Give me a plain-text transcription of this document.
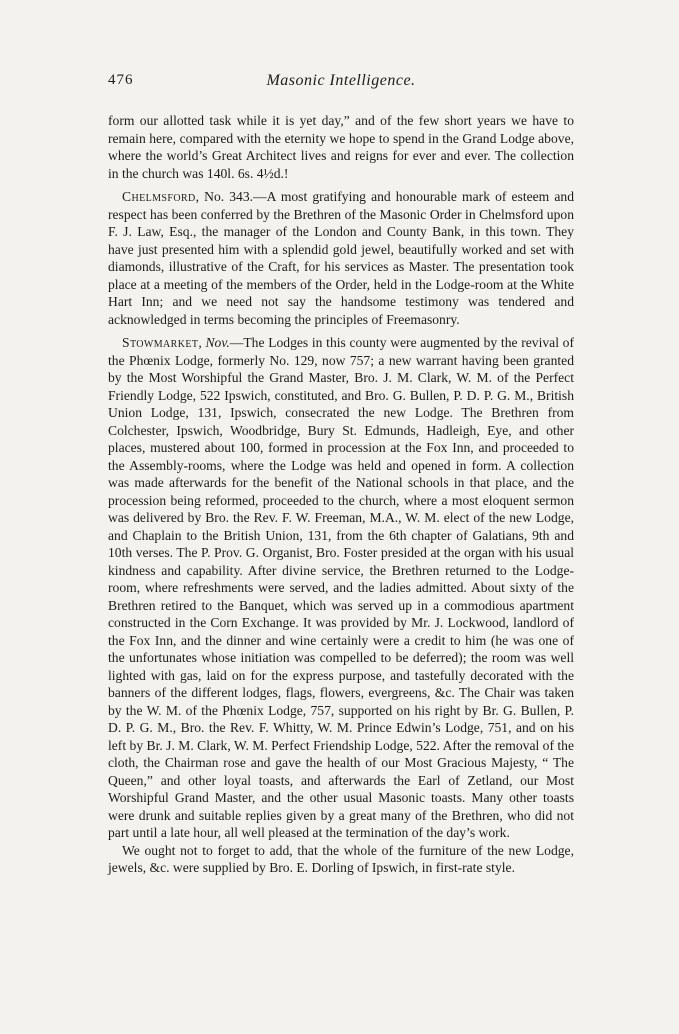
476	Masonic Intelligence.

form our allotted task while it is yet day,” and of the few short years we have to remain here, compared with the eternity we hope to spend in the Grand Lodge above, where the world’s Great Architect lives and reigns for ever and ever. The collection in the church was 140l. 6s. 4½d.!

Chelmsford, No. 343.—A most gratifying and honourable mark of esteem and respect has been conferred by the Brethren of the Masonic Order in Chelmsford upon F. J. Law, Esq., the manager of the London and County Bank, in this town. They have just presented him with a splendid gold jewel, beautifully worked and set with diamonds, illustrative of the Craft, for his services as Master. The presentation took place at a meeting of the members of the Order, held in the Lodge-room at the White Hart Inn; and we need not say the handsome testimony was tendered and acknowledged in terms becoming the principles of Freemasonry.

Stowmarket, Nov.—The Lodges in this county were augmented by the revival of the Phœnix Lodge, formerly No. 129, now 757; a new warrant having been granted by the Most Worshipful the Grand Master, Bro. J. M. Clark, W. M. of the Perfect Friendly Lodge, 522 Ipswich, constituted, and Bro. G. Bullen, P. D. P. G. M., British Union Lodge, 131, Ipswich, consecrated the new Lodge. The Brethren from Colchester, Ipswich, Woodbridge, Bury St. Edmunds, Hadleigh, Eye, and other places, mustered about 100, formed in procession at the Fox Inn, and proceeded to the Assembly-rooms, where the Lodge was held and opened in form. A collection was made afterwards for the benefit of the National schools in that place, and the procession being reformed, proceeded to the church, where a most eloquent sermon was delivered by Bro. the Rev. F. W. Freeman, M.A., W. M. elect of the new Lodge, and Chaplain to the British Union, 131, from the 6th chapter of Galatians, 9th and 10th verses. The P. Prov. G. Organist, Bro. Foster presided at the organ with his usual kindness and capability. After divine service, the Brethren returned to the Lodge-room, where refreshments were served, and the ladies admitted. About sixty of the Brethren retired to the Banquet, which was served up in a commodious apartment constructed in the Corn Exchange. It was provided by Mr. J. Lockwood, landlord of the Fox Inn, and the dinner and wine certainly were a credit to him (he was one of the unfortunates whose initiation was compelled to be deferred); the room was well lighted with gas, laid on for the express purpose, and tastefully decorated with the banners of the different lodges, flags, flowers, evergreens, &c. The Chair was taken by the W. M. of the Phœnix Lodge, 757, supported on his right by Br. G. Bullen, P. D. P. G. M., Bro. the Rev. F. Whitty, W. M. Prince Edwin’s Lodge, 751, and on his left by Br. J. M. Clark, W. M. Perfect Friendship Lodge, 522. After the removal of the cloth, the Chairman rose and gave the health of our Most Gracious Majesty, “ The Queen,” and other loyal toasts, and afterwards the Earl of Zetland, our Most Worshipful Grand Master, and the other usual Masonic toasts. Many other toasts were drunk and suitable replies given by a great many of the Brethren, who did not part until a late hour, all well pleased at the termination of the day’s work.

We ought not to forget to add, that the whole of the furniture of the new Lodge, jewels, &c. were supplied by Bro. E. Dorling of Ipswich, in first-rate style.
